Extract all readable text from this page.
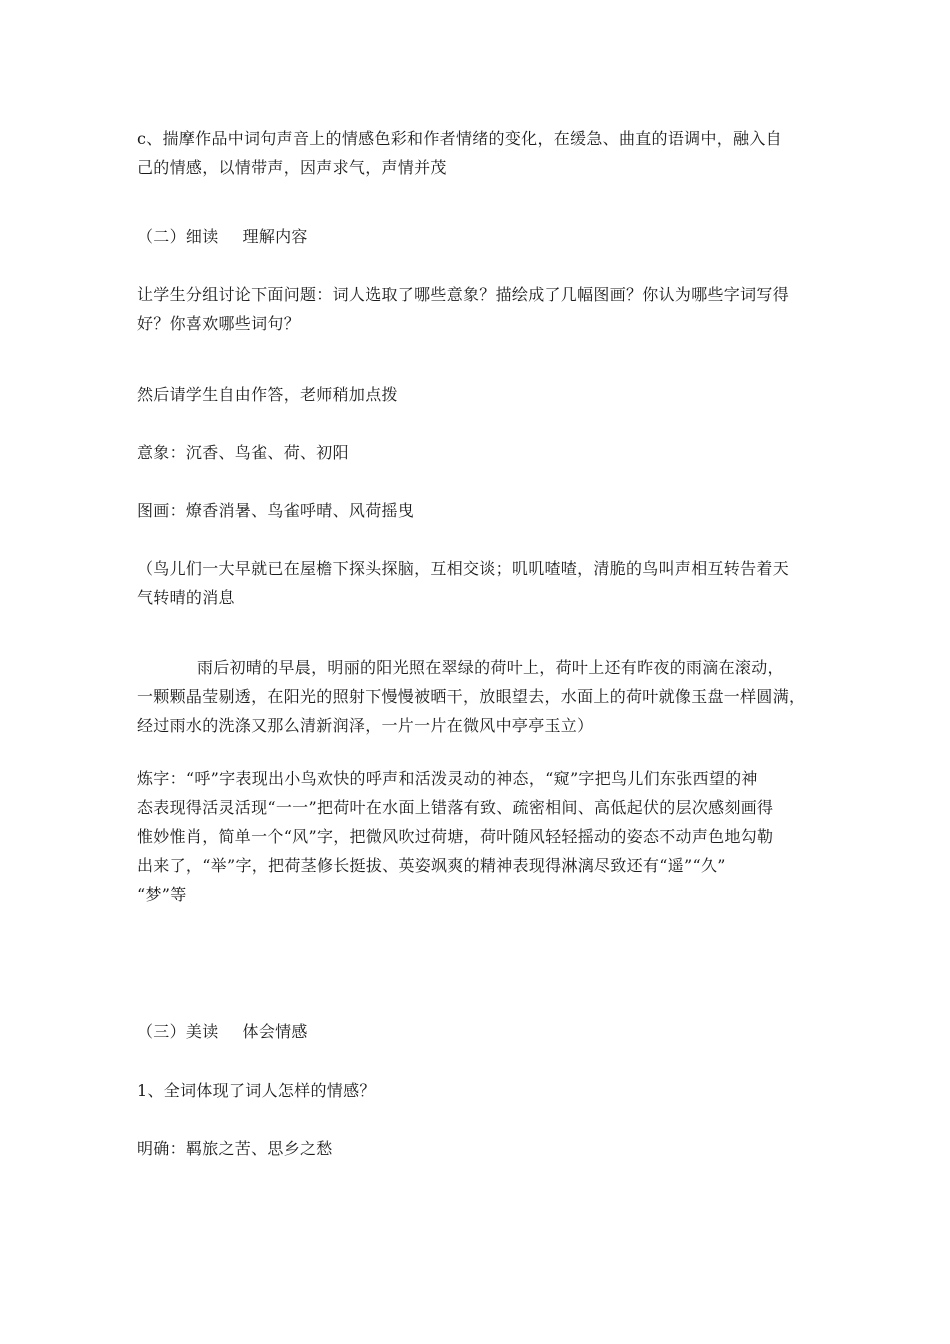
c、揣摩作品中词句声音上的情感色彩和作者情绪的变化，在缓急、曲直的语调中，融入自
己的情感，以情带声，因声求气，声情并茂

（二）细读 理解内容

让学生分组讨论下面问题：词人选取了哪些意象？描绘成了几幅图画？你认为哪些字词写得
好？你喜欢哪些词句？

然后请学生自由作答，老师稍加点拨

意象：沉香、鸟雀、荷、初阳

图画：燎香消暑、鸟雀呼晴、风荷摇曳

（鸟儿们一大早就已在屋檐下探头探脑，互相交谈；叽叽喳喳，清脆的鸟叫声相互转告着天
气转晴的消息

雨后初晴的早晨，明丽的阳光照在翠绿的荷叶上，荷叶上还有昨夜的雨滴在滚动，
一颗颗晶莹剔透，在阳光的照射下慢慢被晒干，放眼望去，水面上的荷叶就像玉盘一样圆满，
经过雨水的洗涤又那么清新润泽，一片一片在微风中亭亭玉立）

炼字：“呼”字表现出小鸟欢快的呼声和活泼灵动的神态，“窥”字把鸟儿们东张西望的神
态表现得活灵活现“一一”把荷叶在水面上错落有致、疏密相间、高低起伏的层次感刻画得
惟妙惟肖，简单一个“风”字，把微风吹过荷塘，荷叶随风轻轻摇动的姿态不动声色地勾勒
出来了，“举”字，把荷茎修长挺拔、英姿飒爽的精神表现得淋漓尽致还有“遥”“久”
“梦”等

（三）美读 体会情感

1、全词体现了词人怎样的情感？

明确：羁旅之苦、思乡之愁
